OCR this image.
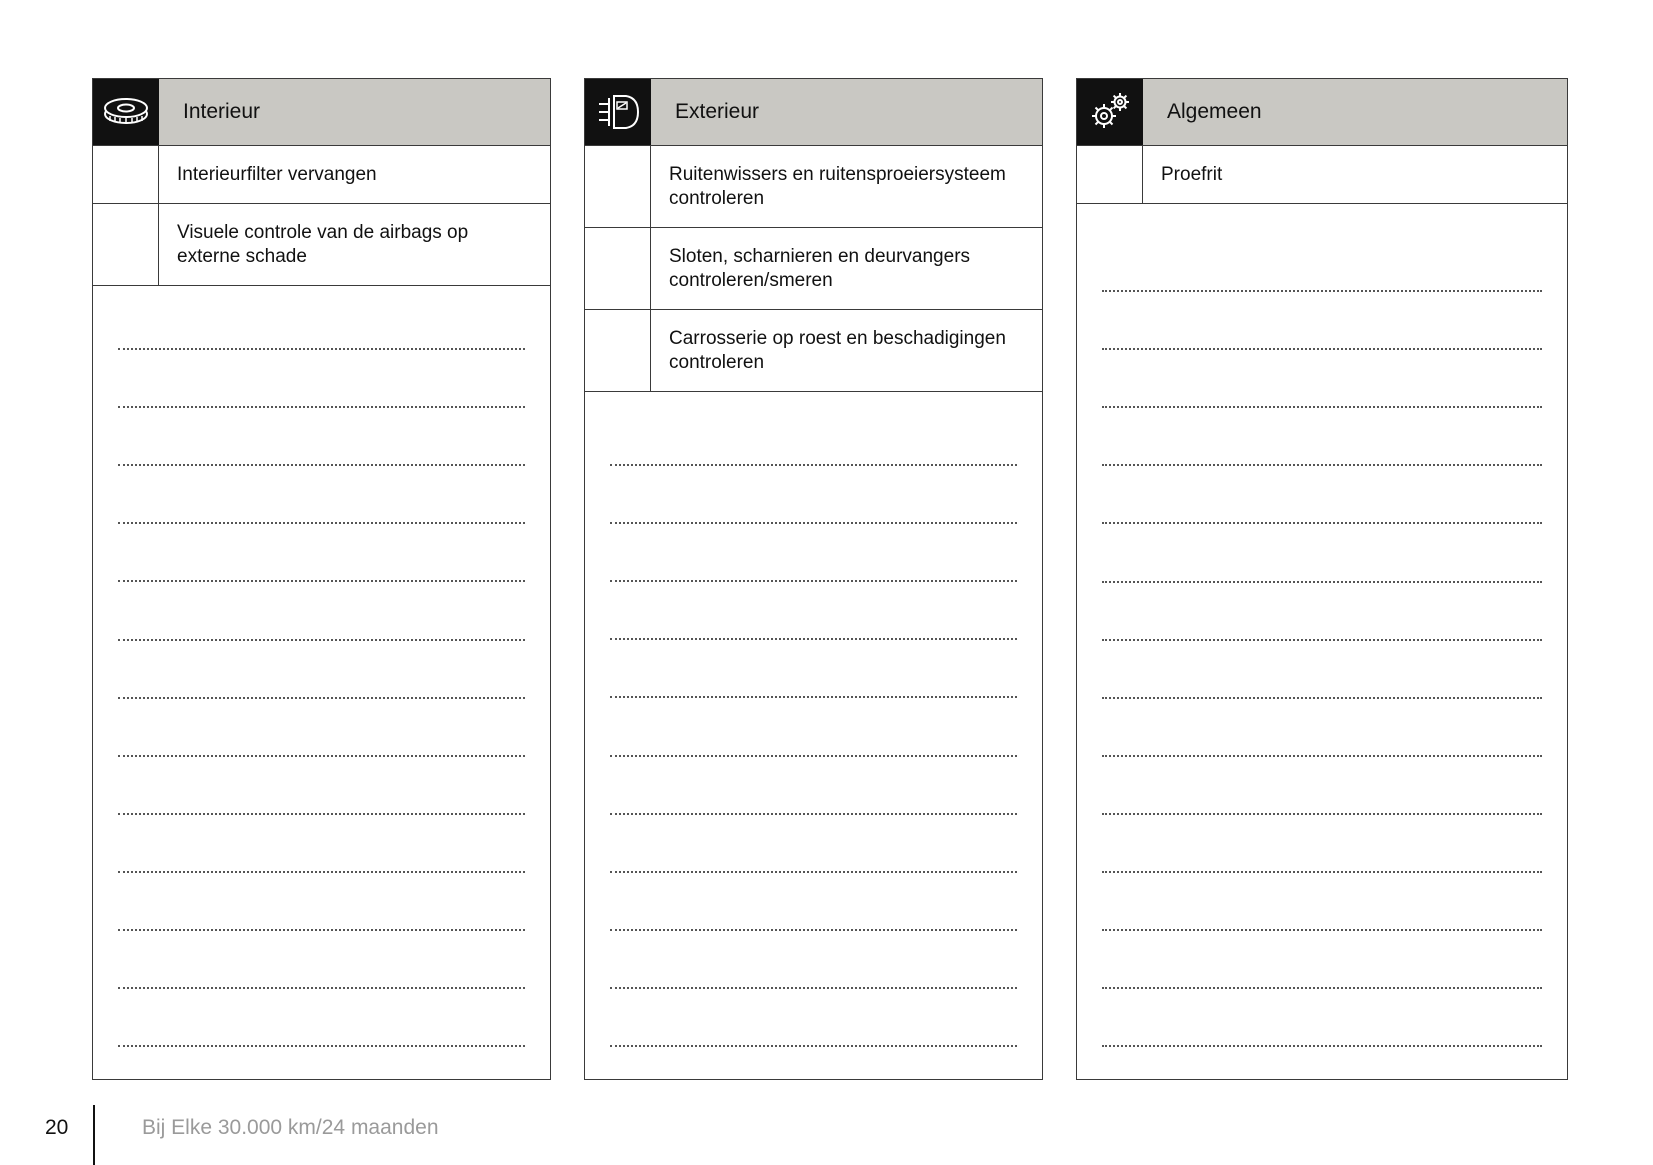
Interieur
Interieurfilter vervangen
Visuele controle van de airbags op externe schade
Exterieur
Ruitenwissers en ruitensproeiersysteem controleren
Sloten, scharnieren en deurvangers controleren/smeren
Carrosserie op roest en beschadigingen controleren
Algemeen
Proefrit
20	Bij Elke 30.000 km/24 maanden
